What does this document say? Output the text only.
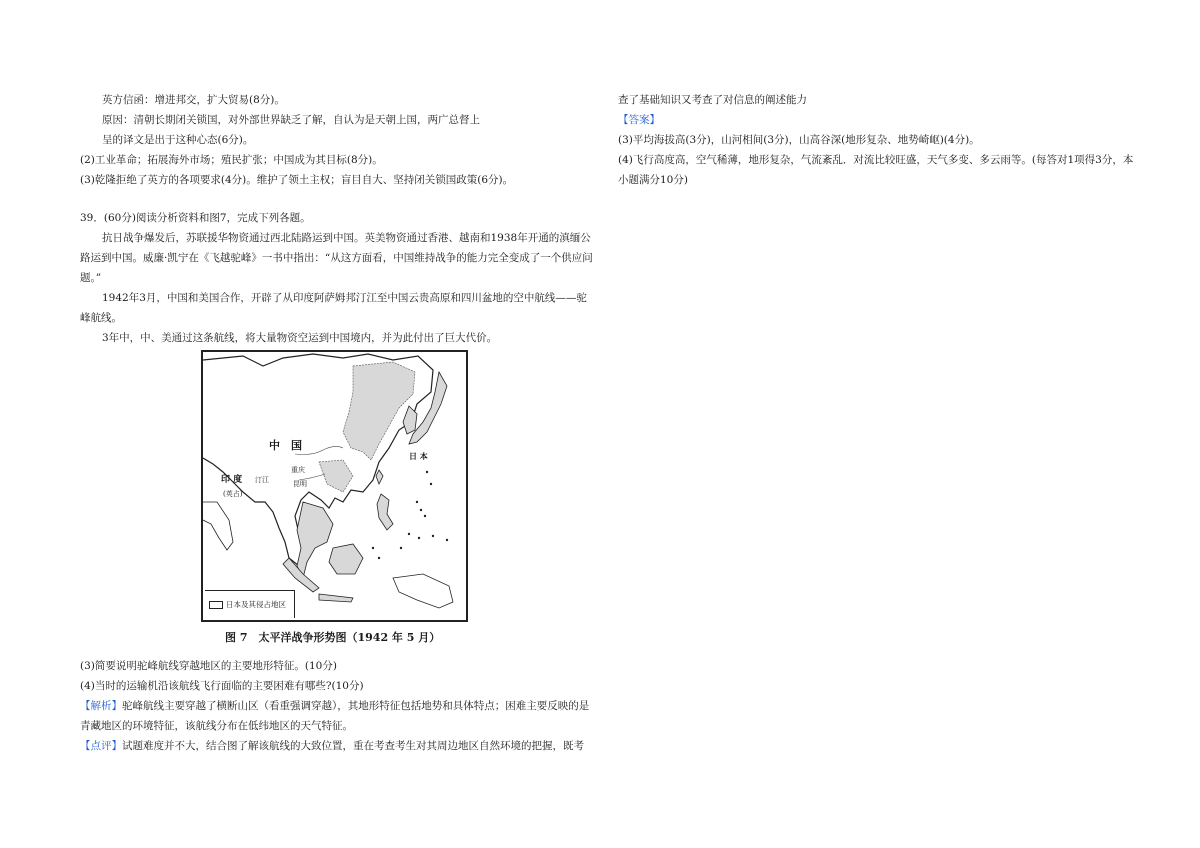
英方信函：增进邦交，扩大贸易(8分)。

原因：清朝长期闭关锁国，对外部世界缺乏了解，自认为是天朝上国，两广总督上

呈的译文是出于这种心态(6分)。

(2)工业革命；拓展海外市场；殖民扩张；中国成为其目标(8分)。

(3)乾隆拒绝了英方的各项要求(4分)。维护了领土主权；盲目自大、坚持闭关锁国政策(6分)。

39．(60分)阅读分析资料和图7，完成下列各题。

抗日战争爆发后，苏联援华物资通过西北陆路运到中国。英美物资通过香港、越南和1938年开通的滇缅公路运到中国。威廉·凯宁在《飞越驼峰》一书中指出：“从这方面看，中国维持战争的能力完全变成了一个供应问题。”

1942年3月，中国和美国合作，开辟了从印度阿萨姆邦汀江至中国云贵高原和四川盆地的空中航线——驼峰航线。

3年中，中、美通过这条航线，将大量物资空运到中国境内，并为此付出了巨大代价。

中　国
日 本
印 度
(英占)
汀江
重庆
昆明
日本及其侵占地区
图 7　太平洋战争形势图（1942 年 5 月）

(3)简要说明驼峰航线穿越地区的主要地形特征。(10分)

(4)当时的运输机沿该航线飞行面临的主要困难有哪些?(10分)

【解析】驼峰航线主要穿越了横断山区（看重强调穿越），其地形特征包括地势和具体特点；困难主要反映的是青藏地区的环境特征，该航线分布在低纬地区的天气特征。

【点评】试题难度并不大，结合图了解该航线的大致位置，重在考查考生对其周边地区自然环境的把握，既考

查了基础知识又考查了对信息的阐述能力

【答案】

(3)平均海拔高(3分)，山河相间(3分)，山高谷深(地形复杂、地势崎岖)(4分)。

(4)飞行高度高，空气稀薄，地形复杂，气流紊乱．对流比较旺盛，天气多变、多云雨等。(每答对1项得3分，本小题满分10分)
